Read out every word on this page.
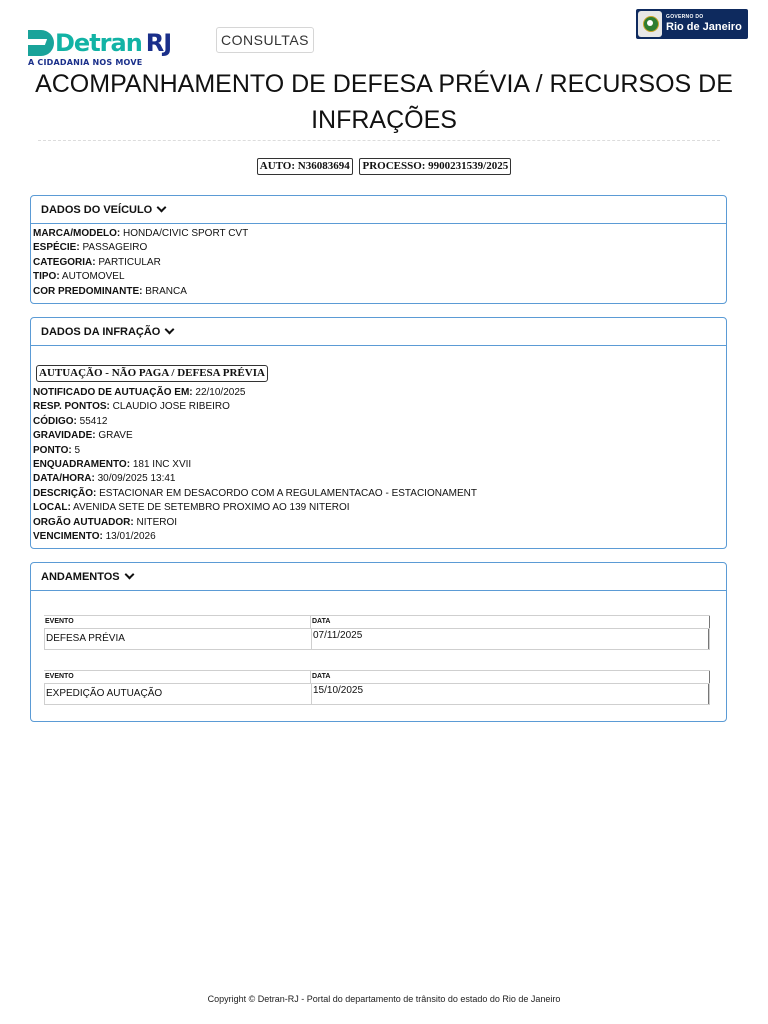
Detran RJ
A CIDADANIA NOS MOVE
CONSULTAS
GOVERNO DO
Rio de Janeiro
ACOMPANHAMENTO DE DEFESA PRÉVIA / RECURSOS DE INFRAÇÕES
AUTO: N36083694 PROCESSO: 9900231539/2025
DADOS DO VEÍCULO
MARCA/MODELO: HONDA/CIVIC SPORT CVT
ESPÉCIE: PASSAGEIRO
CATEGORIA: PARTICULAR
TIPO: AUTOMOVEL
COR PREDOMINANTE: BRANCA
DADOS DA INFRAÇÃO
AUTUAÇÃO - NÃO PAGA / DEFESA PRÉVIA
NOTIFICADO DE AUTUAÇÃO EM: 22/10/2025
RESP. PONTOS: CLAUDIO JOSE RIBEIRO
CÓDIGO: 55412
GRAVIDADE: GRAVE
PONTO: 5
ENQUADRAMENTO: 181 INC XVII
DATA/HORA: 30/09/2025 13:41
DESCRIÇÃO: ESTACIONAR EM DESACORDO COM A REGULAMENTACAO - ESTACIONAMENT
LOCAL: AVENIDA SETE DE SETEMBRO PROXIMO AO 139 NITEROI
ORGÃO AUTUADOR: NITEROI
VENCIMENTO: 13/01/2026
ANDAMENTOS
EVENTO	DATA
DEFESA PRÉVIA	07/11/2025
EVENTO	DATA
EXPEDIÇÃO AUTUAÇÃO	15/10/2025
Copyright © Detran-RJ - Portal do departamento de trânsito do estado do Rio de Janeiro
